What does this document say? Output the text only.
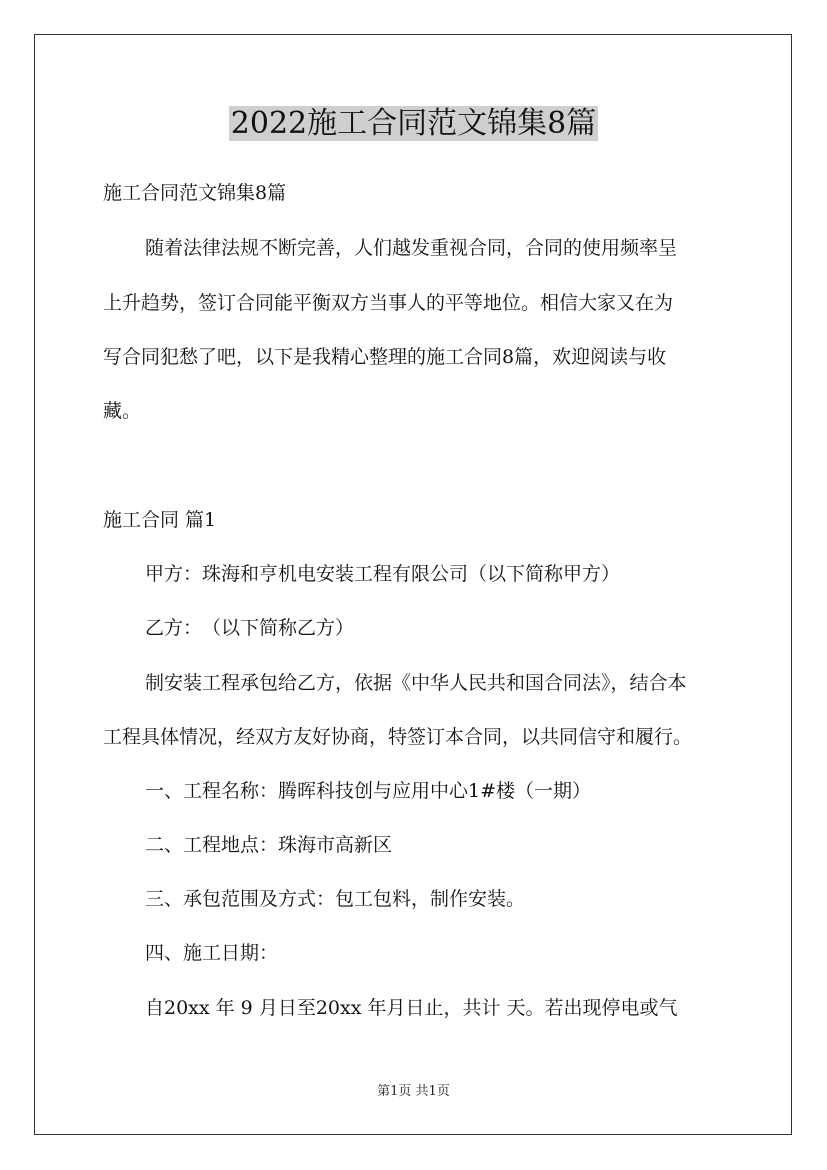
2022施工合同范文锦集8篇

施工合同范文锦集8篇

随着法律法规不断完善，人们越发重视合同，合同的使用频率呈

上升趋势，签订合同能平衡双方当事人的平等地位。相信大家又在为

写合同犯愁了吧，以下是我精心整理的施工合同8篇，欢迎阅读与收

藏。

施工合同 篇1

甲方：珠海和亨机电安装工程有限公司（以下简称甲方）

乙方：　（以下简称乙方）

制安装工程承包给乙方，依据《中华人民共和国合同法》，结合本

工程具体情况，经双方友好协商，特签订本合同，以共同信守和履行。

一、工程名称：腾晖科技创与应用中心1#楼（一期）

二、工程地点：珠海市高新区

三、承包范围及方式：包工包料，制作安装。

四、施工日期：

自20xx 年 9 月日至20xx 年月日止，共计 天。若出现停电或气

第1页 共1页
